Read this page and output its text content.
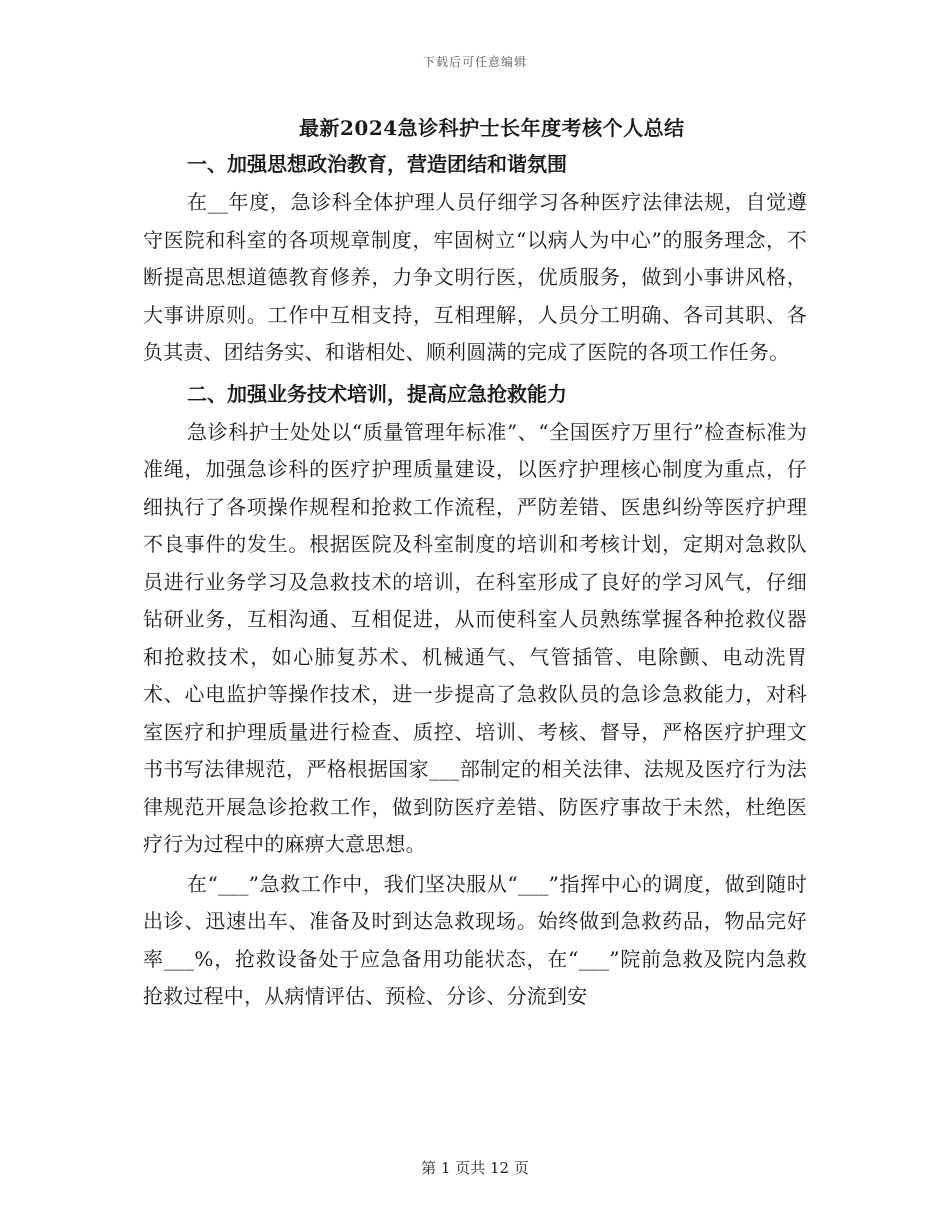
下载后可任意编辑
最新2024急诊科护士长年度考核个人总结
一、加强思想政治教育，营造团结和谐氛围

在__年度，急诊科全体护理人员仔细学习各种医疗法律法规，自觉遵守医院和科室的各项规章制度，牢固树立“以病人为中心”的服务理念，不断提高思想道德教育修养，力争文明行医，优质服务，做到小事讲风格，大事讲原则。工作中互相支持，互相理解，人员分工明确、各司其职、各负其责、团结务实、和谐相处、顺利圆满的完成了医院的各项工作任务。

二、加强业务技术培训，提高应急抢救能力

急诊科护士处处以“质量管理年标准”、“全国医疗万里行”检查标准为准绳，加强急诊科的医疗护理质量建设，以医疗护理核心制度为重点，仔细执行了各项操作规程和抢救工作流程，严防差错、医患纠纷等医疗护理不良事件的发生。根据医院及科室制度的培训和考核计划，定期对急救队员进行业务学习及急救技术的培训，在科室形成了良好的学习风气，仔细钻研业务，互相沟通、互相促进，从而使科室人员熟练掌握各种抢救仪器和抢救技术，如心肺复苏术、机械通气、气管插管、电除颤、电动洗胃术、心电监护等操作技术，进一步提高了急救队员的急诊急救能力，对科室医疗和护理质量进行检查、质控、培训、考核、督导，严格医疗护理文书书写法律规范，严格根据国家___部制定的相关法律、法规及医疗行为法律规范开展急诊抢救工作，做到防医疗差错、防医疗事故于未然，杜绝医疗行为过程中的麻痹大意思想。

在“___”急救工作中，我们坚决服从“___”指挥中心的调度，做到随时出诊、迅速出车、准备及时到达急救现场。始终做到急救药品，物品完好率___%，抢救设备处于应急备用功能状态，在“___”院前急救及院内急救抢救过程中，从病情评估、预检、分诊、分流到安

第 1 页共 12 页
